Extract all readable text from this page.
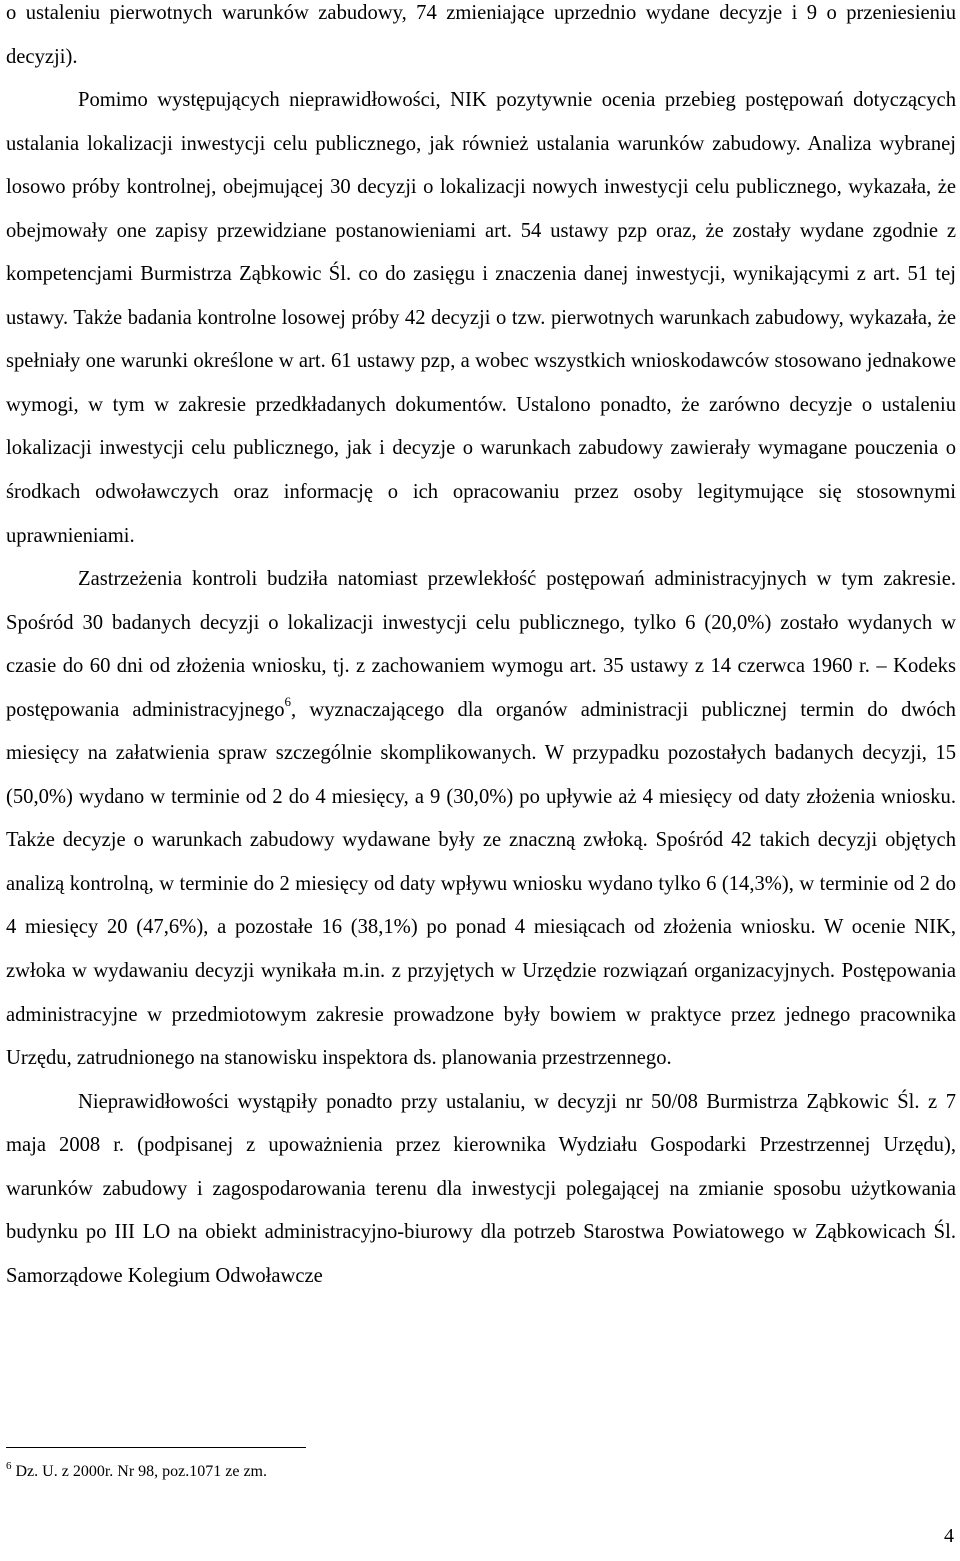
o ustaleniu pierwotnych warunków zabudowy, 74 zmieniające uprzednio wydane decyzje i 9 o przeniesieniu decyzji).

Pomimo występujących nieprawidłowości, NIK pozytywnie ocenia przebieg postępowań dotyczących ustalania lokalizacji inwestycji celu publicznego, jak również ustalania warunków zabudowy. Analiza wybranej losowo próby kontrolnej, obejmującej 30 decyzji o lokalizacji nowych inwestycji celu publicznego, wykazała, że obejmowały one zapisy przewidziane postanowieniami art. 54 ustawy pzp oraz, że zostały wydane zgodnie z kompetencjami Burmistrza Ząbkowic Śl. co do zasięgu i znaczenia danej inwestycji, wynikającymi z art. 51 tej ustawy. Także badania kontrolne losowej próby 42 decyzji o tzw. pierwotnych warunkach zabudowy, wykazała, że spełniały one warunki określone w art. 61 ustawy pzp, a wobec wszystkich wnioskodawców stosowano jednakowe wymogi, w tym w zakresie przedkładanych dokumentów. Ustalono ponadto, że zarówno decyzje o ustaleniu lokalizacji inwestycji celu publicznego, jak i decyzje o warunkach zabudowy zawierały wymagane pouczenia o środkach odwoławczych oraz informację o ich opracowaniu przez osoby legitymujące się stosownymi uprawnieniami.

Zastrzeżenia kontroli budziła natomiast przewlekłość postępowań administracyjnych w tym zakresie. Spośród 30 badanych decyzji o lokalizacji inwestycji celu publicznego, tylko 6 (20,0%) zostało wydanych w czasie do 60 dni od złożenia wniosku, tj. z zachowaniem wymogu art. 35 ustawy z 14 czerwca 1960 r. – Kodeks postępowania administracyjnego$^6$, wyznaczającego dla organów administracji publicznej termin do dwóch miesięcy na załatwienia spraw szczególnie skomplikowanych. W przypadku pozostałych badanych decyzji, 15 (50,0%) wydano w terminie od 2 do 4 miesięcy, a 9 (30,0%) po upływie aż 4 miesięcy od daty złożenia wniosku. Także decyzje o warunkach zabudowy wydawane były ze znaczną zwłoką. Spośród 42 takich decyzji objętych analizą kontrolną, w terminie do 2 miesięcy od daty wpływu wniosku wydano tylko 6 (14,3%), w terminie od 2 do 4 miesięcy 20 (47,6%), a pozostałe 16 (38,1%) po ponad 4 miesiącach od złożenia wniosku. W ocenie NIK, zwłoka w wydawaniu decyzji wynikała m.in. z przyjętych w Urzędzie rozwiązań organizacyjnych. Postępowania administracyjne w przedmiotowym zakresie prowadzone były bowiem w praktyce przez jednego pracownika Urzędu, zatrudnionego na stanowisku inspektora ds. planowania przestrzennego.

Nieprawidłowości wystąpiły ponadto przy ustalaniu, w decyzji nr 50/08 Burmistrza Ząbkowic Śl. z 7 maja 2008 r. (podpisanej z upoważnienia przez kierownika Wydziału Gospodarki Przestrzennej Urzędu), warunków zabudowy i zagospodarowania terenu dla inwestycji polegającej na zmianie sposobu użytkowania budynku po III LO na obiekt administracyjno-biurowy dla potrzeb Starostwa Powiatowego w Ząbkowicach Śl. Samorządowe Kolegium Odwoławcze

$^6$ Dz. U. z 2000r. Nr 98, poz.1071 ze zm.

4
